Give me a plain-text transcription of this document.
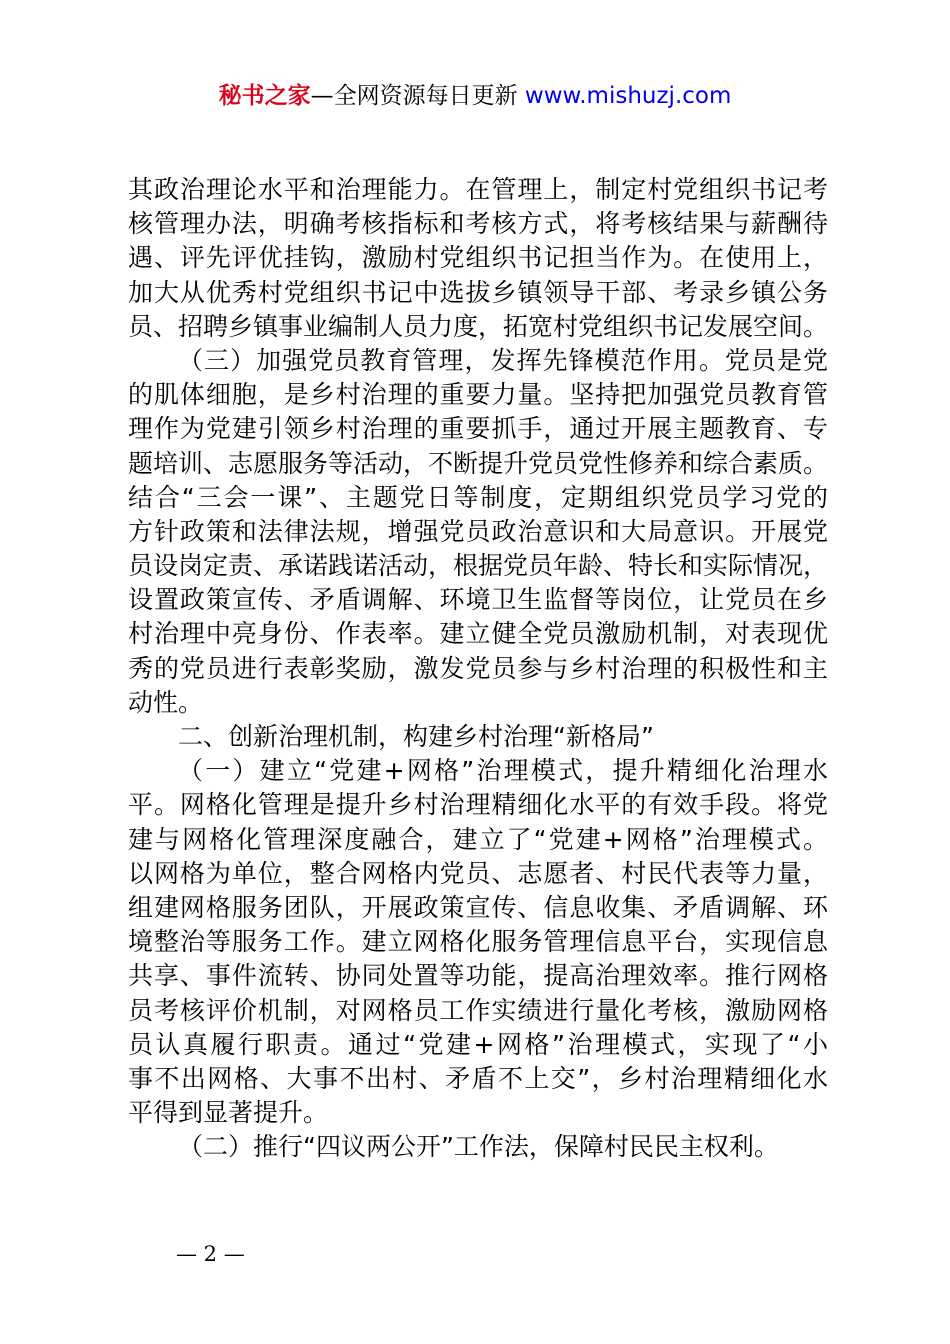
秘书之家—全网资源每日更新 www.mishuzj.com
其政治理论水平和治理能力。在管理上，制定村党组织书记考
核管理办法，明确考核指标和考核方式，将考核结果与薪酬待
遇、评先评优挂钩，激励村党组织书记担当作为。在使用上，
加大从优秀村党组织书记中选拔乡镇领导干部、考录乡镇公务
员、招聘乡镇事业编制人员力度，拓宽村党组织书记发展空间。
（三）加强党员教育管理，发挥先锋模范作用。党员是党
的肌体细胞，是乡村治理的重要力量。坚持把加强党员教育管
理作为党建引领乡村治理的重要抓手，通过开展主题教育、专
题培训、志愿服务等活动，不断提升党员党性修养和综合素质。
结合“三会一课”、主题党日等制度，定期组织党员学习党的
方针政策和法律法规，增强党员政治意识和大局意识。开展党
员设岗定责、承诺践诺活动，根据党员年龄、特长和实际情况，
设置政策宣传、矛盾调解、环境卫生监督等岗位，让党员在乡
村治理中亮身份、作表率。建立健全党员激励机制，对表现优
秀的党员进行表彰奖励，激发党员参与乡村治理的积极性和主
动性。
二、创新治理机制，构建乡村治理“新格局”
（一）建立“党建+网格”治理模式，提升精细化治理水
平。网格化管理是提升乡村治理精细化水平的有效手段。将党
建与网格化管理深度融合，建立了“党建+网格”治理模式。
以网格为单位，整合网格内党员、志愿者、村民代表等力量，
组建网格服务团队，开展政策宣传、信息收集、矛盾调解、环
境整治等服务工作。建立网格化服务管理信息平台，实现信息
共享、事件流转、协同处置等功能，提高治理效率。推行网格
员考核评价机制，对网格员工作实绩进行量化考核，激励网格
员认真履行职责。通过“党建+网格”治理模式，实现了“小
事不出网格、大事不出村、矛盾不上交”，乡村治理精细化水
平得到显著提升。
（二）推行“四议两公开”工作法，保障村民民主权利。
— 2 —
